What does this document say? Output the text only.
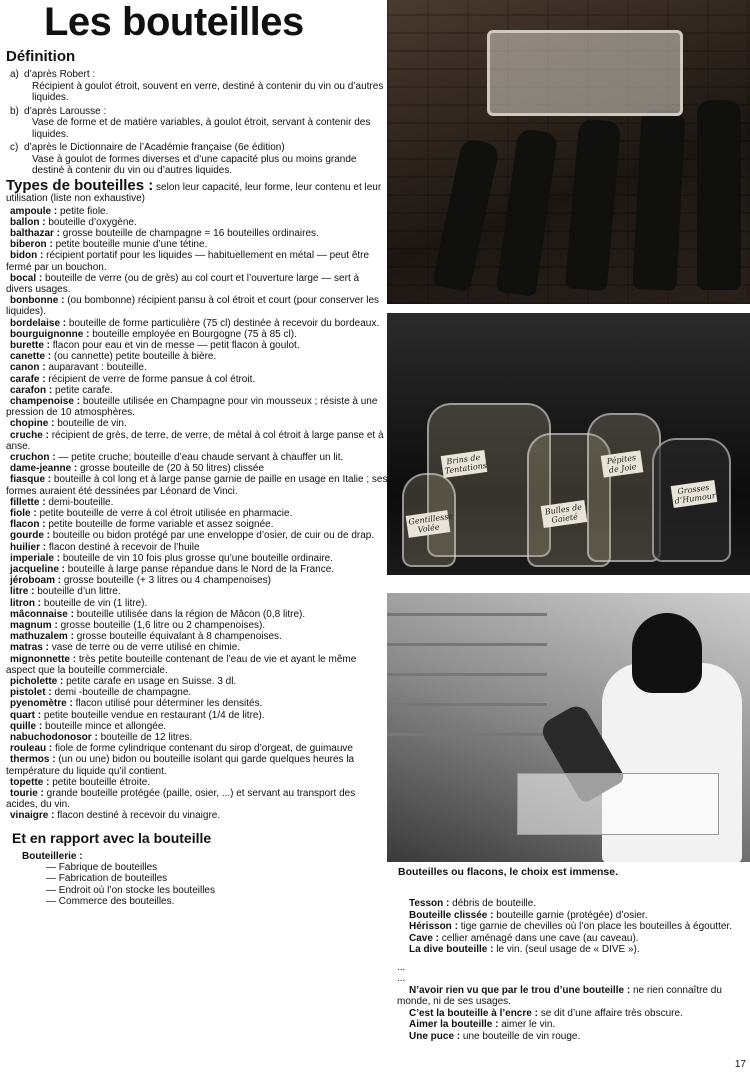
Les bouteilles
Définition
a) d’après Robert :
Récipient à goulot étroit, souvent en verre, destiné à contenir du vin ou d’autres liquides.
b) d’après Larousse :
Vase de forme et de matière variables, à goulot étroit, servant à contenir des liquides.
c) d’après le Dictionnaire de l’Académie française (6e édition)
Vase à goulot de formes diverses et d’une capacité plus ou moins grande destiné à contenir du vin ou d’autres liquides.
Types de bouteilles : selon leur capacité, leur forme, leur contenu et leur utilisation (liste non exhaustive)
ampoule : petite fiole.
ballon : bouteille d’oxygène.
balthazar : grosse bouteille de champagne = 16 bouteilles ordinaires.
biberon : petite bouteille munie d’une tétine.
bidon : récipient portatif pour les liquides — habituellement en métal — peut être fermé par un bouchon.
bocal : bouteille de verre (ou de grès) au col court et l’ouverture large — sert à divers usages.
bonbonne : (ou bombonne) récipient pansu à col étroit et court (pour conserver les liquides).
bordelaise : bouteille de forme particulière (75 cl) destinée à recevoir du bordeaux.
bourguignonne : bouteille employée en Bourgogne (75 à 85 cl).
burette : flacon pour eau et vin de messe — petit flacon à goulot.
canette : (ou cannette) petite bouteille à bière.
canon : auparavant : bouteille.
carafe : récipient de verre de forme pansue à col étroit.
carafon : petite carafe.
champenoise : bouteille utilisée en Champagne pour vin mousseux ; résiste à une pression de 10 atmosphères.
chopine : bouteille de vin.
cruche : récipient de grès, de terre, de verre, de métal à col étroit à large panse et à anse.
cruchon : — petite cruche; bouteille d’eau chaude servant à chauffer un lit.
dame-jeanne : grosse bouteille de (20 à 50 litres) clissée
fiasque : bouteille à col long et à large panse garnie de paille en usage en Italie ; ses formes auraient été dessinées par Léonard de Vinci.
fillette : demi-bouteille.
fiole : petite bouteille de verre à col étroit utilisée en pharmacie.
flacon : petite bouteille de forme variable et assez soignée.
gourde : bouteille ou bidon protégé par une enveloppe d’osier, de cuir ou de drap.
huilier : flacon destiné à recevoir de l’huile
imperiale : bouteille de vin 10 fois plus grosse qu’une bouteille ordinaire.
jacqueline : bouteille à large panse répandue dans le Nord de la France.
jéroboam : grosse bouteille (+ 3 litres ou 4 champenoises)
litre : bouteille d’un littre.
litron : bouteille de vin (1 litre).
mâconnaise : bouteille utilisée dans la région de Mâcon (0,8 litre).
magnum : grosse bouteille (1,6 litre ou 2 champenoises).
mathuzalem : grosse bouteille équivalant à 8 champenoises.
matras : vase de terre ou de verre utilisé en chimie.
mignonnette : très petite bouteille contenant de l’eau de vie et ayant le même aspect que la bouteille commerciale.
picholette : petite carafe en usage en Suisse. 3 dl.
pistolet : demi -bouteille de champagne.
pyenomètre : flacon utilisé pour déterminer les densités.
quart : petite bouteille vendue en restaurant (1/4 de litre).
quille : bouteille mince et allongée.
nabuchodonosor : bouteille de 12 litres.
rouleau : fiole de forme cylindrique contenant du sirop d’orgeat, de guimauve
thermos : (un ou une) bidon ou bouteille isolant qui garde quelques heures la température du liquide qu’il contient.
topette : petite bouteille étroite.
tourie : grande bouteille protégée (paille, osier, ...) et servant au transport des acides, du vin.
vinaigre : flacon destiné à recevoir du vinaigre.
Et en rapport avec la bouteille
Bouteillerie :
— Fabrique de bouteilles
— Fabrication de bouteilles
— Endroit où l’on stocke les bouteilles
— Commerce des bouteilles.
Brins de Tentations
Bulles de Gaieté
Pépites de Joie
Grosses d’Humour
Gentillesse Volée
Bouteilles ou flacons, le choix est immense.
Tesson : débris de bouteille.
Bouteille clissée : bouteille garnie (protégée) d’osier.
Hérisson : tige garnie de chevilles où l’on place les bouteilles à égoutter.
Cave : cellier aménagé dans une cave (au caveau).
La dive bouteille : le vin. (seul usage de « DIVE »).
...
...
N’avoir rien vu que par le trou d’une bouteille : ne rien connaître du monde, ni de ses usages.
C’est la bouteille à l’encre : se dit d’une affaire très obscure.
Aimer la bouteille : aimer le vin.
Une puce : une bouteille de vin rouge.
17
